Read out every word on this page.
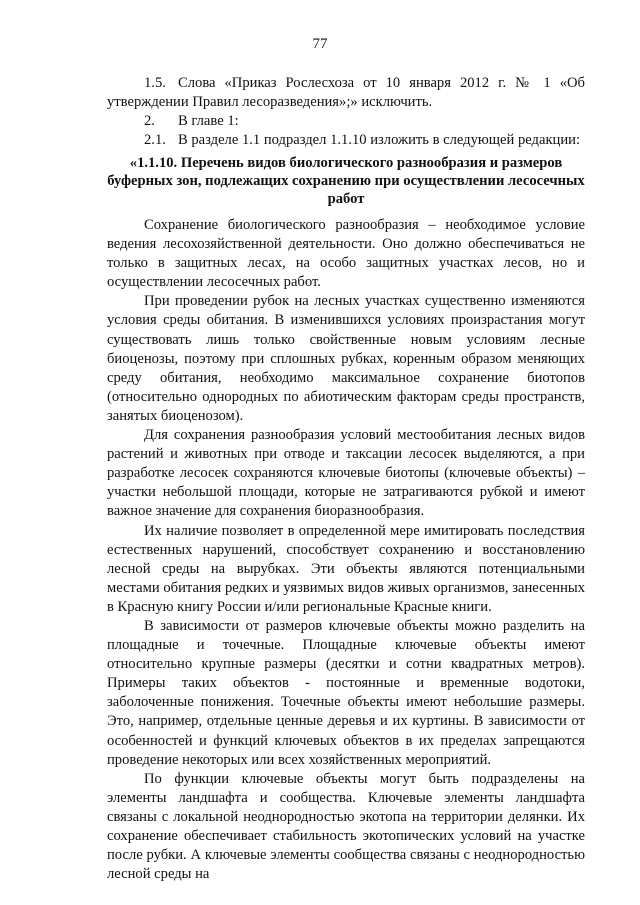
77
1.5. Слова «Приказ Рослесхоза от 10 января 2012 г. № 1 «Об утверждении Правил лесоразведения»;» исключить.
2. В главе 1:
2.1. В разделе 1.1 подраздел 1.1.10 изложить в следующей редакции:
«1.1.10. Перечень видов биологического разнообразия и размеров буферных зон, подлежащих сохранению при осуществлении лесосечных работ

Сохранение биологического разнообразия – необходимое условие ведения лесохозяйственной деятельности. Оно должно обеспечиваться не только в защитных лесах, на особо защитных участках лесов, но и осуществлении лесосечных работ.

При проведении рубок на лесных участках существенно изменяются условия среды обитания. В изменившихся условиях произрастания могут существовать лишь только свойственные новым условиям лесные биоценозы, поэтому при сплошных рубках, коренным образом меняющих среду обитания, необходимо максимальное сохранение биотопов (относительно однородных по абиотическим факторам среды пространств, занятых биоценозом).

Для сохранения разнообразия условий местообитания лесных видов растений и животных при отводе и таксации лесосек выделяются, а при разработке лесосек сохраняются ключевые биотопы (ключевые объекты) – участки небольшой площади, которые не затрагиваются рубкой и имеют важное значение для сохранения биоразнообразия.

Их наличие позволяет в определенной мере имитировать последствия естественных нарушений, способствует сохранению и восстановлению лесной среды на вырубках. Эти объекты являются потенциальными местами обитания редких и уязвимых видов живых организмов, занесенных в Красную книгу России и/или региональные Красные книги.

В зависимости от размеров ключевые объекты можно разделить на площадные и точечные. Площадные ключевые объекты имеют относительно крупные размеры (десятки и сотни квадратных метров). Примеры таких объектов - постоянные и временные водотоки, заболоченные понижения. Точечные объекты имеют небольшие размеры. Это, например, отдельные ценные деревья и их куртины. В зависимости от особенностей и функций ключевых объектов в их пределах запрещаются проведение некоторых или всех хозяйственных мероприятий.

По функции ключевые объекты могут быть подразделены на элементы ландшафта и сообщества. Ключевые элементы ландшафта связаны с локальной неоднородностью экотопа на территории делянки. Их сохранение обеспечивает стабильность экотопических условий на участке после рубки. А ключевые элементы сообщества связаны с неоднородностью лесной среды на
